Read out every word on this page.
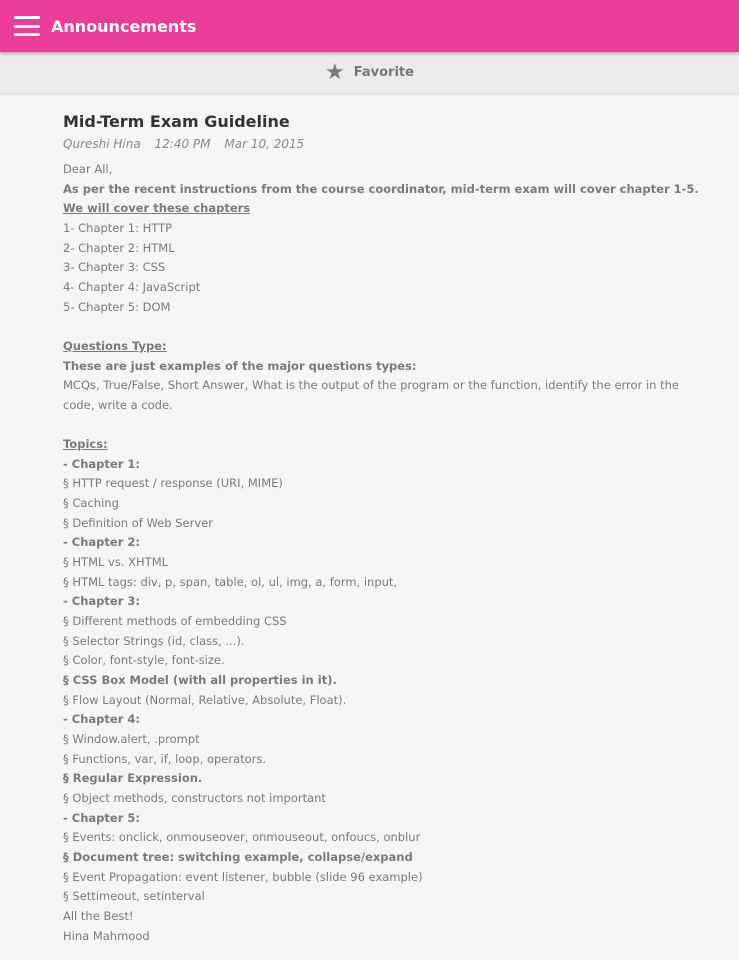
Announcements
★ Favorite
Mid-Term Exam Guideline
Qureshi Hina 12:40 PM Mar 10, 2015
Dear All,
As per the recent instructions from the course coordinator, mid-term exam will cover chapter 1-5.
We will cover these chapters
1- Chapter 1: HTTP
2- Chapter 2: HTML
3- Chapter 3: CSS
4- Chapter 4: JavaScript
5- Chapter 5: DOM
Questions Type:
These are just examples of the major questions types:
MCQs, True/False, Short Answer, What is the output of the program or the function, identify the error in the code, write a code.
Topics:
- Chapter 1:
§ HTTP request / response (URI, MIME)
§ Caching
§ Definition of Web Server
- Chapter 2:
§ HTML vs. XHTML
§ HTML tags: div, p, span, table, ol, ul, img, a, form, input,
- Chapter 3:
§ Different methods of embedding CSS
§ Selector Strings (id, class, ...).
§ Color, font-style, font-size.
§ CSS Box Model (with all properties in it).
§ Flow Layout (Normal, Relative, Absolute, Float).
- Chapter 4:
§ Window.alert, .prompt
§ Functions, var, if, loop, operators.
§ Regular Expression.
§ Object methods, constructors not important
- Chapter 5:
§ Events: onclick, onmouseover, onmouseout, onfoucs, onblur
§ Document tree: switching example, collapse/expand
§ Event Propagation: event listener, bubble (slide 96 example)
§ Settimeout, setinterval
All the Best!
Hina Mahmood
